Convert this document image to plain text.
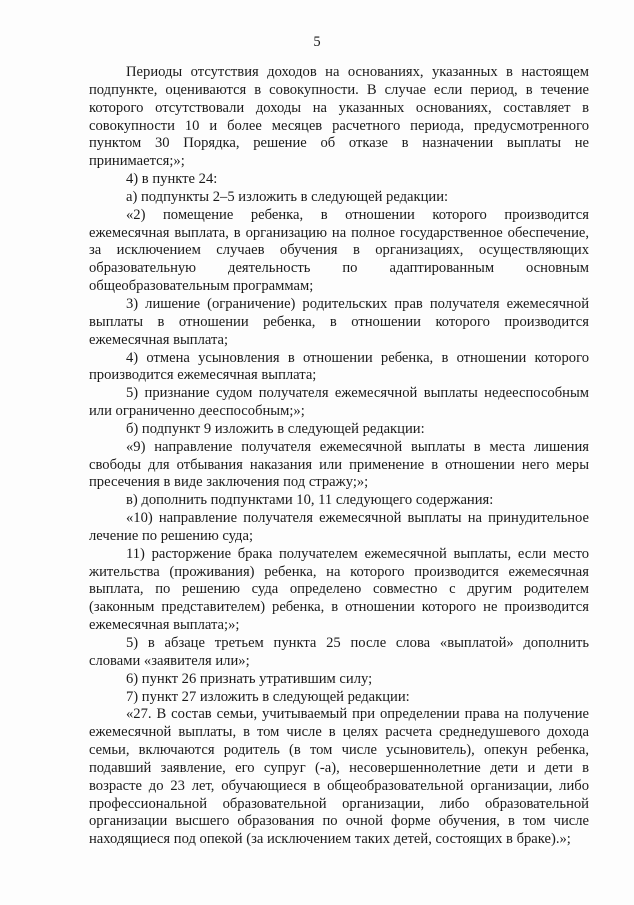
5

Периоды отсутствия доходов на основаниях, указанных в настоящем подпункте, оцениваются в совокупности. В случае если период, в течение которого отсутствовали доходы на указанных основаниях, составляет в совокупности 10 и более месяцев расчетного периода, предусмотренного пунктом 30 Порядка, решение об отказе в назначении выплаты не принимается;»;

4) в пункте 24:

а) подпункты 2–5 изложить в следующей редакции:

«2) помещение ребенка, в отношении которого производится ежемесячная выплата, в организацию на полное государственное обеспечение, за исключением случаев обучения в организациях, осуществляющих образовательную деятельность по адаптированным основным общеобразовательным программам;

3) лишение (ограничение) родительских прав получателя ежемесячной выплаты в отношении ребенка, в отношении которого производится ежемесячная выплата;

4) отмена усыновления в отношении ребенка, в отношении которого производится ежемесячная выплата;

5) признание судом получателя ежемесячной выплаты недееспособным или ограниченно дееспособным;»;

б) подпункт 9 изложить в следующей редакции:

«9) направление получателя ежемесячной выплаты в места лишения свободы для отбывания наказания или применение в отношении него меры пресечения в виде заключения под стражу;»;

в) дополнить подпунктами 10, 11 следующего содержания:

«10) направление получателя ежемесячной выплаты на принудительное лечение по решению суда;

11) расторжение брака получателем ежемесячной выплаты, если место жительства (проживания) ребенка, на которого производится ежемесячная выплата, по решению суда определено совместно с другим родителем (законным представителем) ребенка, в отношении которого не производится ежемесячная выплата;»;

5) в абзаце третьем пункта 25 после слова «выплатой» дополнить словами «заявителя или»;

6) пункт 26 признать утратившим силу;

7) пункт 27 изложить в следующей редакции:

«27. В состав семьи, учитываемый при определении права на получение ежемесячной выплаты, в том числе в целях расчета среднедушевого дохода семьи, включаются родитель (в том числе усыновитель), опекун ребенка, подавший заявление, его супруг (-а), несовершеннолетние дети и дети в возрасте до 23 лет, обучающиеся в общеобразовательной организации, либо профессиональной образовательной организации, либо образовательной организации высшего образования по очной форме обучения, в том числе находящиеся под опекой (за исключением таких детей, состоящих в браке).»;
